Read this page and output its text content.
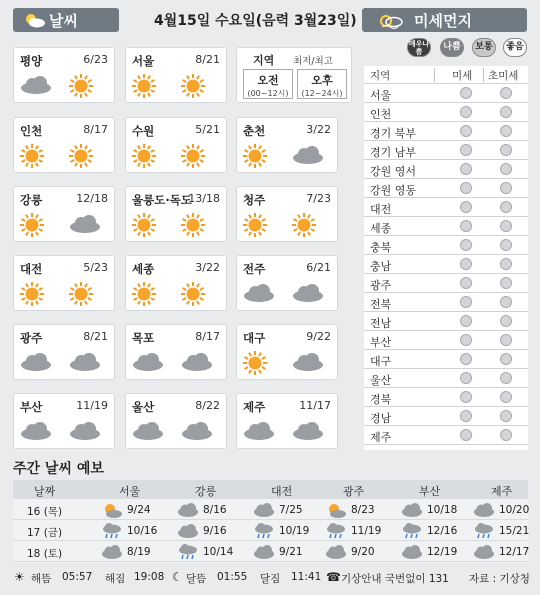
날씨	4월15일 수요일(음력 3월23일)	미세먼지
평양	6/23 서울	8/21
인천	8/17 수원	5/21 춘천	3/22
강릉	12/18 울릉도·독도
13/18 청주	7/23
대전	5/23 세종	3/22 전주	6/21
광주	8/21 목포	8/17 대구	9/22
부산	11/19 울산	8/22 제주	11/17
지역 최저/최고
오전
(00~12시)
오후
(12~24시)
매우나쁨	나쁨	보통	좋음
지역	미세 초미세
서울
인천
경기 북부
경기 남부
강원 영서
강원 영동
대전
세종
충북
충남
광주
전북
전남
부산
대구
울산
경북
경남
제주
주간 날씨 예보
날짜	서울	강릉	대전	광주	부산	제주
16 (목)	9/24	8/16	7/25	8/23	10/18	10/20
17 (금)	10/16	9/16	10/19	11/19	12/16	15/21
18 (토)	8/19	10/14	9/21	9/20	12/19	12/17
☀ 해뜸 05:57 해짐 19:08 ☾ 달뜸 01:55 달짐 11:41 ☎ 기상안내 국번없이 131 자료 : 기상청
